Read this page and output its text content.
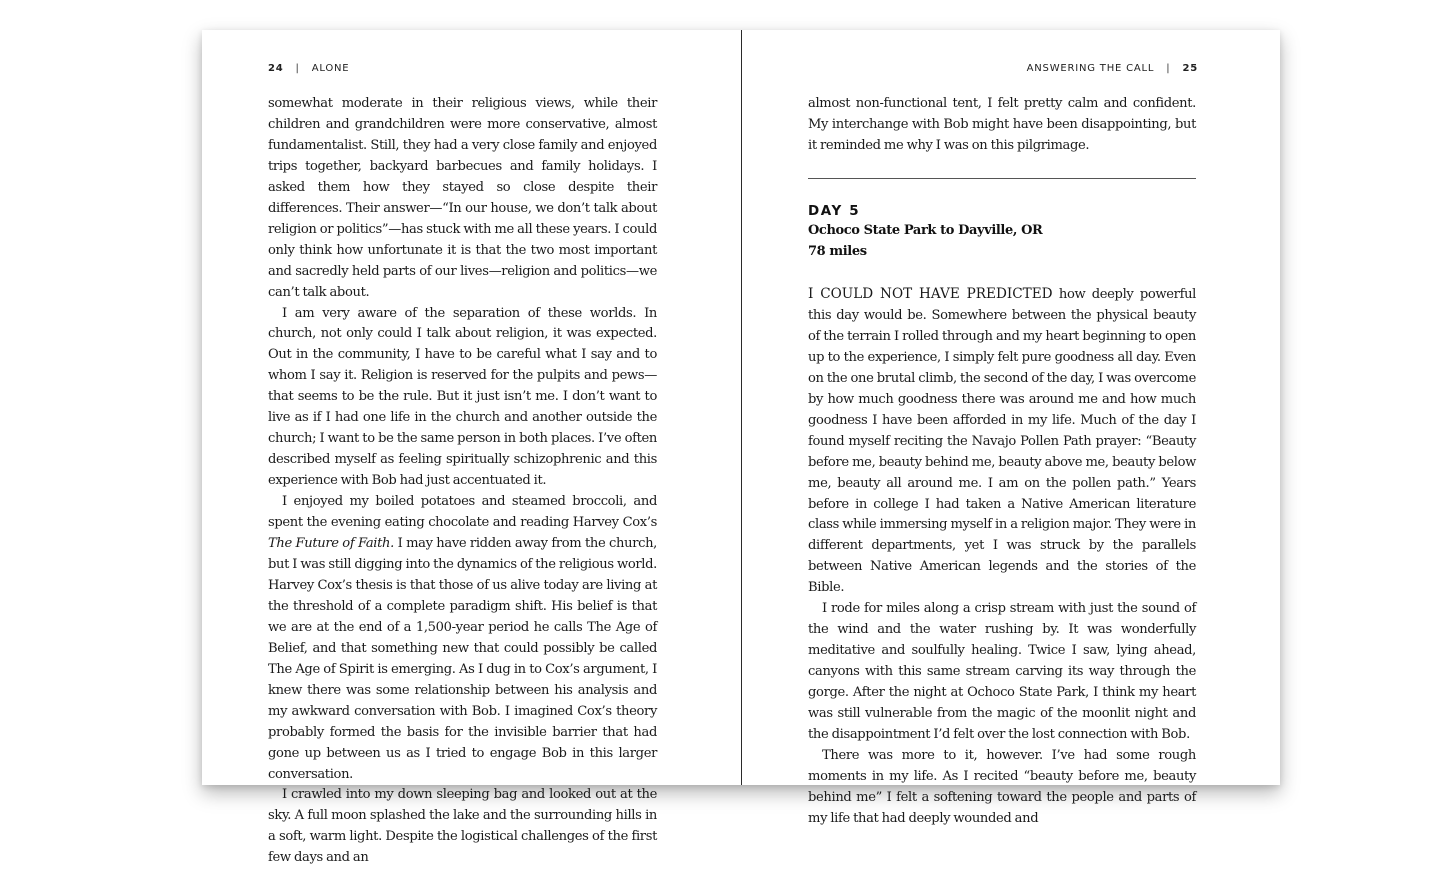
24 | ALONE

somewhat moderate in their religious views, while their children and grandchildren were more conservative, almost fundamentalist. Still, they had a very close family and enjoyed trips together, backyard barbecues and family holidays. I asked them how they stayed so close despite their differences. Their answer—“In our house, we don’t talk about religion or politics”—has stuck with me all these years. I could only think how unfortunate it is that the two most important and sacredly held parts of our lives—religion and politics—we can’t talk about.

I am very aware of the separation of these worlds. In church, not only could I talk about religion, it was expected. Out in the community, I have to be careful what I say and to whom I say it. Religion is reserved for the pulpits and pews—that seems to be the rule. But it just isn’t me. I don’t want to live as if I had one life in the church and another outside the church; I want to be the same person in both places. I’ve often described myself as feeling spiritually schizophrenic and this experience with Bob had just accentuated it.

I enjoyed my boiled potatoes and steamed broccoli, and spent the evening eating chocolate and reading Harvey Cox’s The Future of Faith. I may have ridden away from the church, but I was still digging into the dynamics of the religious world. Harvey Cox’s thesis is that those of us alive today are living at the threshold of a complete paradigm shift. His belief is that we are at the end of a 1,500-year period he calls The Age of Belief, and that something new that could possibly be called The Age of Spirit is emerging. As I dug in to Cox’s argument, I knew there was some relationship between his analysis and my awkward conversation with Bob. I imagined Cox’s theory probably formed the basis for the invisible barrier that had gone up between us as I tried to engage Bob in this larger conversation.

I crawled into my down sleeping bag and looked out at the sky. A full moon splashed the lake and the surrounding hills in a soft, warm light. Despite the logistical challenges of the first few days and an

ANSWERING THE CALL | 25

almost non-functional tent, I felt pretty calm and confident. My interchange with Bob might have been disappointing, but it reminded me why I was on this pilgrimage.

DAY 5
Ochoco State Park to Dayville, OR
78 miles

I COULD NOT HAVE PREDICTED how deeply powerful this day would be. Somewhere between the physical beauty of the terrain I rolled through and my heart beginning to open up to the experience, I simply felt pure goodness all day. Even on the one brutal climb, the second of the day, I was overcome by how much goodness there was around me and how much goodness I have been afforded in my life. Much of the day I found myself reciting the Navajo Pollen Path prayer: “Beauty before me, beauty behind me, beauty above me, beauty below me, beauty all around me. I am on the pollen path.” Years before in college I had taken a Native American literature class while immersing myself in a religion major. They were in different departments, yet I was struck by the parallels between Native American legends and the stories of the Bible.

I rode for miles along a crisp stream with just the sound of the wind and the water rushing by. It was wonderfully meditative and soulfully healing. Twice I saw, lying ahead, canyons with this same stream carving its way through the gorge. After the night at Ochoco State Park, I think my heart was still vulnerable from the magic of the moonlit night and the disappointment I’d felt over the lost connection with Bob.

There was more to it, however. I’ve had some rough moments in my life. As I recited “beauty before me, beauty behind me” I felt a softening toward the people and parts of my life that had deeply wounded and
